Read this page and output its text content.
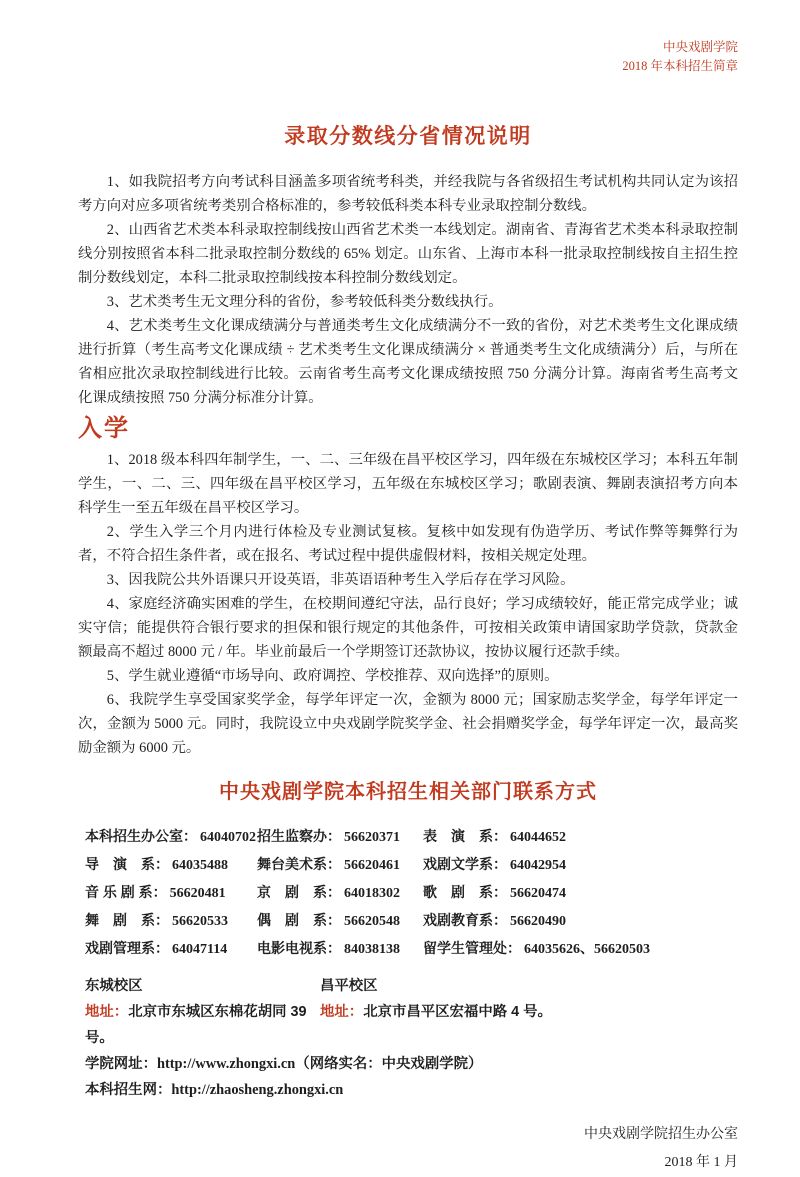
中央戏剧学院
2018 年本科招生简章
录取分数线分省情况说明

1、如我院招考方向考试科目涵盖多项省统考科类，并经我院与各省级招生考试机构共同认定为该招考方向对应多项省统考类别合格标准的，参考较低科类本科专业录取控制分数线。

2、山西省艺术类本科录取控制线按山西省艺术类一本线划定。湖南省、青海省艺术类本科录取控制线分别按照省本科二批录取控制分数线的 65% 划定。山东省、上海市本科一批录取控制线按自主招生控制分数线划定，本科二批录取控制线按本科控制分数线划定。

3、艺术类考生无文理分科的省份，参考较低科类分数线执行。

4、艺术类考生文化课成绩满分与普通类考生文化成绩满分不一致的省份，对艺术类考生文化课成绩进行折算（考生高考文化课成绩 ÷ 艺术类考生文化课成绩满分 × 普通类考生文化成绩满分）后，与所在省相应批次录取控制线进行比较。云南省考生高考文化课成绩按照 750 分满分计算。海南省考生高考文化课成绩按照 750 分满分标准分计算。

入学

1、2018 级本科四年制学生，一、二、三年级在昌平校区学习，四年级在东城校区学习；本科五年制学生，一、二、三、四年级在昌平校区学习，五年级在东城校区学习；歌剧表演、舞剧表演招考方向本科学生一至五年级在昌平校区学习。

2、学生入学三个月内进行体检及专业测试复核。复核中如发现有伪造学历、考试作弊等舞弊行为者，不符合招生条件者，或在报名、考试过程中提供虚假材料，按相关规定处理。

3、因我院公共外语课只开设英语，非英语语种考生入学后存在学习风险。

4、家庭经济确实困难的学生，在校期间遵纪守法，品行良好；学习成绩较好，能正常完成学业；诚实守信；能提供符合银行要求的担保和银行规定的其他条件，可按相关政策申请国家助学贷款，贷款金额最高不超过 8000 元 / 年。毕业前最后一个学期签订还款协议，按协议履行还款手续。

5、学生就业遵循“市场导向、政府调控、学校推荐、双向选择”的原则。

6、我院学生享受国家奖学金，每学年评定一次，金额为 8000 元；国家励志奖学金，每学年评定一次，金额为 5000 元。同时，我院设立中央戏剧学院奖学金、社会捐赠奖学金，每学年评定一次，最高奖励金额为 6000 元。

中央戏剧学院本科招生相关部门联系方式
本科招生办公室： 64040702
导　演　系： 64035488
音 乐 剧 系： 56620481
舞　剧　系： 56620533
戏剧管理系： 64047114
招生监察办： 56620371
舞台美术系： 56620461
京　剧　系： 64018302
偶　剧　系： 56620548
电影电视系： 84038138
表　演　系： 64044652
戏剧文学系： 64042954
歌　剧　系： 56620474
戏剧教育系： 56620490
留学生管理处： 64035626、56620503
东城校区	昌平校区
地址：北京市东城区东棉花胡同 39 号。
地址：北京市昌平区宏福中路 4 号。
学院网址：http://www.zhongxi.cn（网络实名：中央戏剧学院）
本科招生网：http://zhaosheng.zhongxi.cn
中央戏剧学院招生办公室
2018 年 1 月
